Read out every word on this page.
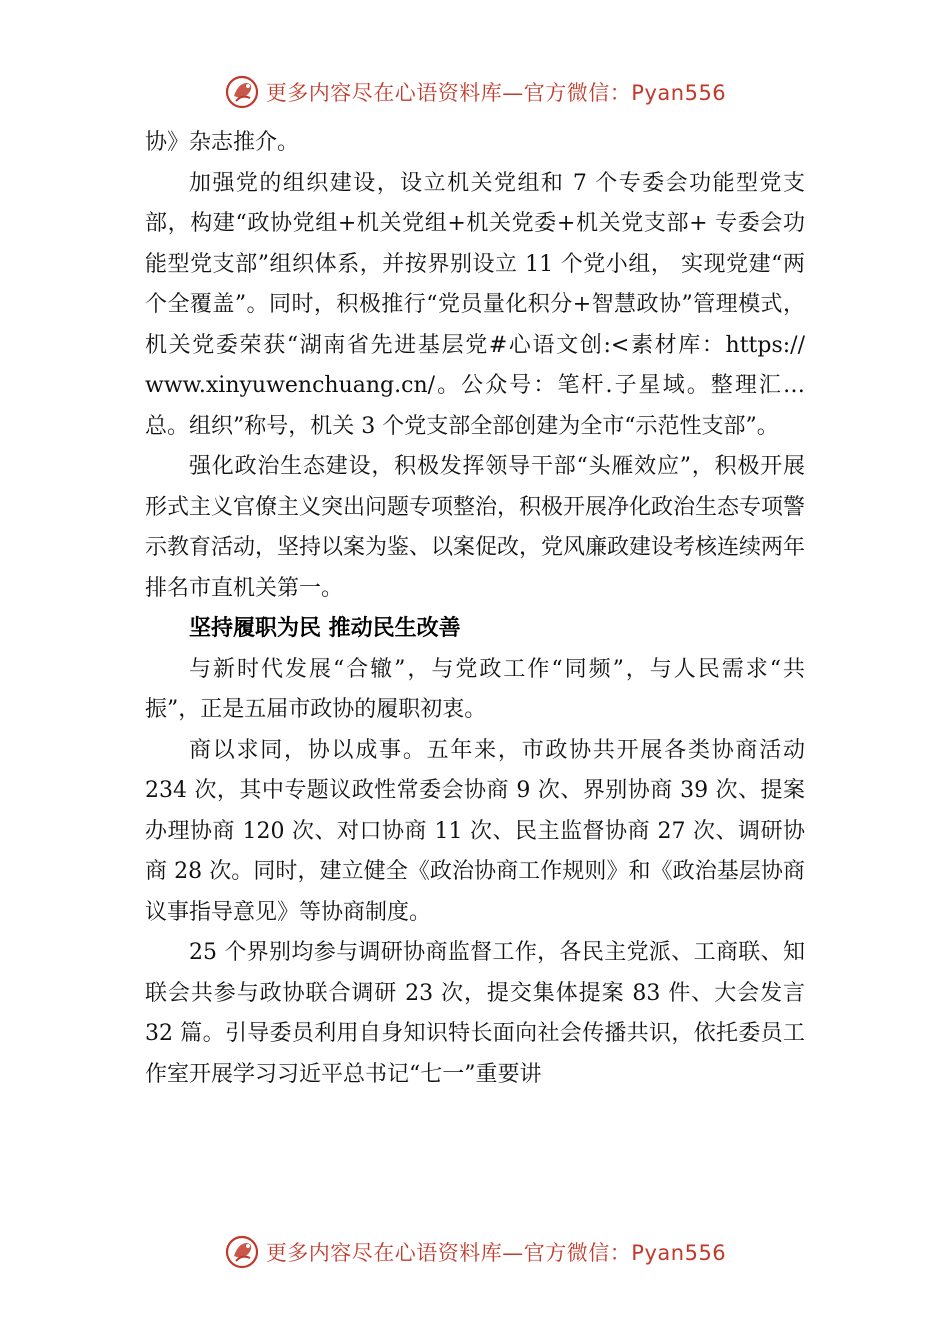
更多内容尽在心语资料库—官方微信：Pyan556

协》杂志推介。

加强党的组织建设，设立机关党组和 7 个专委会功能型党支部，构建“政协党组+机关党组+机关党委+机关党支部+ 专委会功能型党支部”组织体系，并按界别设立 11 个党小组， 实现党建“两个全覆盖”。同时，积极推行“党员量化积分+智慧政协”管理模式，机关党委荣获“湖南省先进基层党#心语文创:<素材库：https:// www.xinyuwenchuang.cn/。公众号：笔杆.子星域。整理汇…总。组织”称号，机关 3 个党支部全部创建为全市“示范性支部”。

强化政治生态建设，积极发挥领导干部“头雁效应”，积极开展形式主义官僚主义突出问题专项整治，积极开展净化政治生态专项警示教育活动，坚持以案为鉴、以案促改，党风廉政建设考核连续两年排名市直机关第一。

坚持履职为民 推动民生改善

与新时代发展“合辙”，与党政工作“同频”，与人民需求“共振”，正是五届市政协的履职初衷。

商以求同，协以成事。五年来，市政协共开展各类协商活动 234 次，其中专题议政性常委会协商 9 次、界别协商 39 次、提案办理协商 120 次、对口协商 11 次、民主监督协商 27 次、调研协商 28 次。同时，建立健全《政治协商工作规则》和《政治基层协商议事指导意见》等协商制度。

25 个界别均参与调研协商监督工作，各民主党派、工商联、知联会共参与政协联合调研 23 次，提交集体提案 83 件、大会发言 32 篇。引导委员利用自身知识特长面向社会传播共识，依托委员工作室开展学习习近平总书记“七一”重要讲

更多内容尽在心语资料库—官方微信：Pyan556
